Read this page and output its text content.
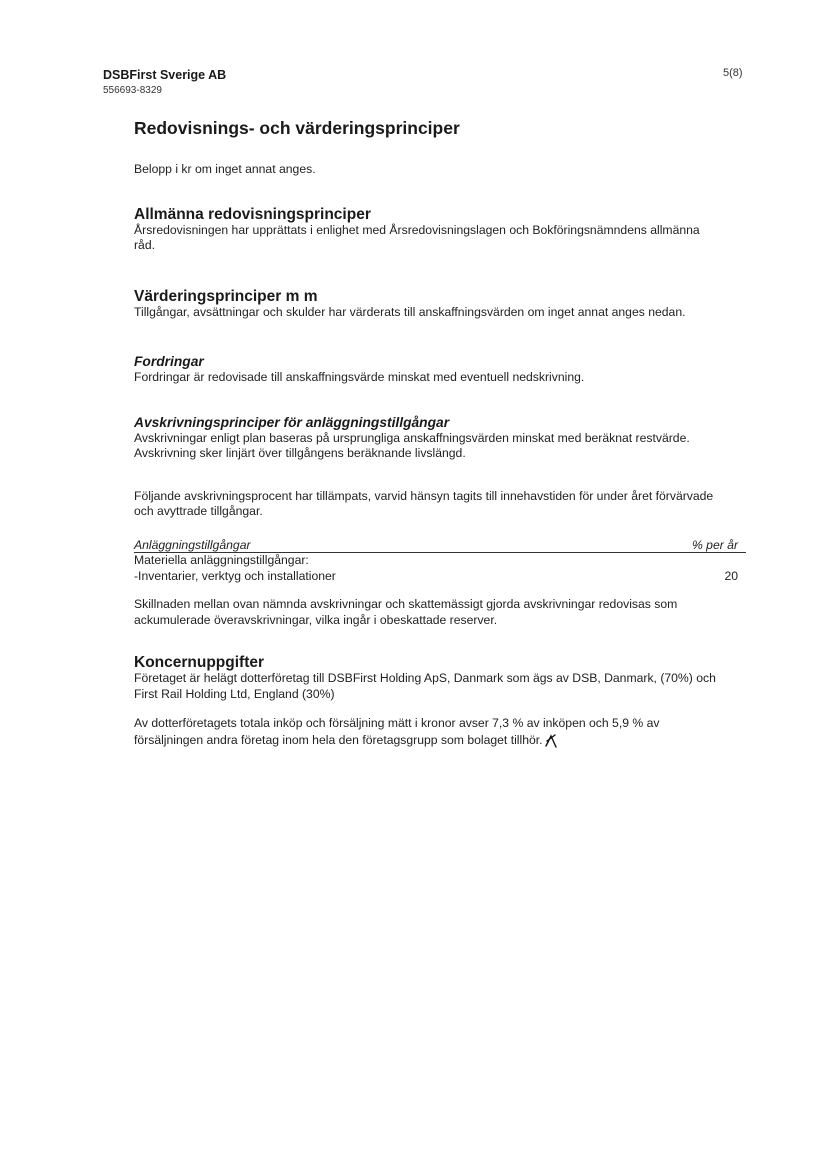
DSBFirst Sverige AB
556693-8329
5(8)
Redovisnings- och värderingsprinciper

Belopp i kr om inget annat anges.

Allmänna redovisningsprinciper

Årsredovisningen har upprättats i enlighet med Årsredovisningslagen och Bokföringsnämndens allmänna råd.

Värderingsprinciper m m

Tillgångar, avsättningar och skulder har värderats till anskaffningsvärden om inget annat anges nedan.

Fordringar

Fordringar är redovisade till anskaffningsvärde minskat med eventuell nedskrivning.

Avskrivningsprinciper för anläggningstillgångar

Avskrivningar enligt plan baseras på ursprungliga anskaffningsvärden minskat med beräknat restvärde. Avskrivning sker linjärt över tillgångens beräknande livslängd.

Följande avskrivningsprocent har tillämpats, varvid hänsyn tagits till innehavstiden för under året förvärvade och avyttrade tillgångar.

Anläggningstillgångar	% per år
Materiella anläggningstillgångar:
-Inventarier, verktyg och installationer	20

Skillnaden mellan ovan nämnda avskrivningar och skattemässigt gjorda avskrivningar redovisas som ackumulerade överavskrivningar, vilka ingår i obeskattade reserver.

Koncernuppgifter

Företaget är helägt dotterföretag till DSBFirst Holding ApS, Danmark som ägs av DSB, Danmark, (70%) och First Rail Holding Ltd, England (30%)

Av dotterföretagets totala inköp och försäljning mätt i kronor avser 7,3 % av inköpen och 5,9 % av försäljningen andra företag inom hela den företagsgrupp som bolaget tillhör.
